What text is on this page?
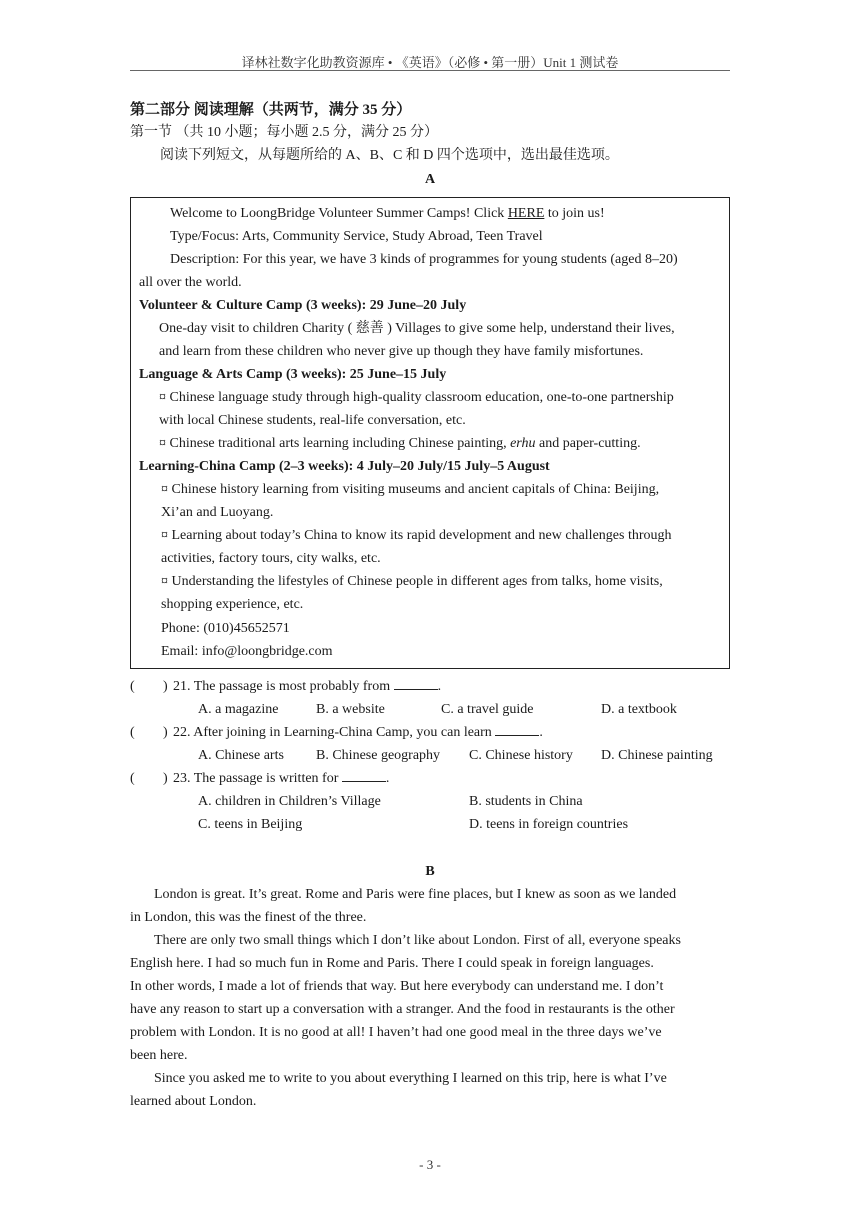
译林社数字化助教资源库 • 《英语》（必修 • 第一册）Unit 1 测试卷
第二部分 阅读理解（共两节，满分 35 分）
第一节 （共 10 小题；每小题 2.5 分，满分 25 分）
阅读下列短文，从每题所给的 A、B、C 和 D 四个选项中，选出最佳选项。
A
Welcome to LoongBridge Volunteer Summer Camps! Click HERE to join us!
Type/Focus: Arts, Community Service, Study Abroad, Teen Travel
Description: For this year, we have 3 kinds of programmes for young students (aged 8–20)
all over the world.
Volunteer & Culture Camp (3 weeks): 29 June–20 July
One-day visit to children Charity ( 慈善 ) Villages to give some help, understand their lives,
and learn from these children who never give up though they have family misfortunes.
Language & Arts Camp (3 weeks): 25 June–15 July
¤ Chinese language study through high-quality classroom education, one-to-one partnership
with local Chinese students, real-life conversation, etc.
¤ Chinese traditional arts learning including Chinese painting, erhu and paper-cutting.
Learning-China Camp (2–3 weeks): 4 July–20 July/15 July–5 August
¤ Chinese history learning from visiting museums and ancient capitals of China: Beijing,
Xi’an and Luoyang.
¤ Learning about today’s China to know its rapid development and new challenges through
activities, factory tours, city walks, etc.
¤ Understanding the lifestyles of Chinese people in different ages from talks, home visits,
shopping experience, etc.
Phone: (010)45652571
Email: info@loongbridge.com
( ) 21. The passage is most probably from	.
A. a magazine	B. a website	C. a travel guide	D. a textbook
( ) 22. After joining in Learning-China Camp, you can learn	.
A. Chinese arts B. Chinese geography C. Chinese history D. Chinese painting
( ) 23. The passage is written for	.
A. children in Children’s Village	B. students in China
C. teens in Beijing	D. teens in foreign countries
B
London is great. It’s great. Rome and Paris were fine places, but I knew as soon as we landed
in London, this was the finest of the three.
There are only two small things which I don’t like about London. First of all, everyone speaks
English here. I had so much fun in Rome and Paris. There I could speak in foreign languages.
In other words, I made a lot of friends that way. But here everybody can understand me. I don’t
have any reason to start up a conversation with a stranger. And the food in restaurants is the other
problem with London. It is no good at all! I haven’t had one good meal in the three days we’ve
been here.
Since you asked me to write to you about everything I learned on this trip, here is what I’ve
learned about London.
- 3 -
